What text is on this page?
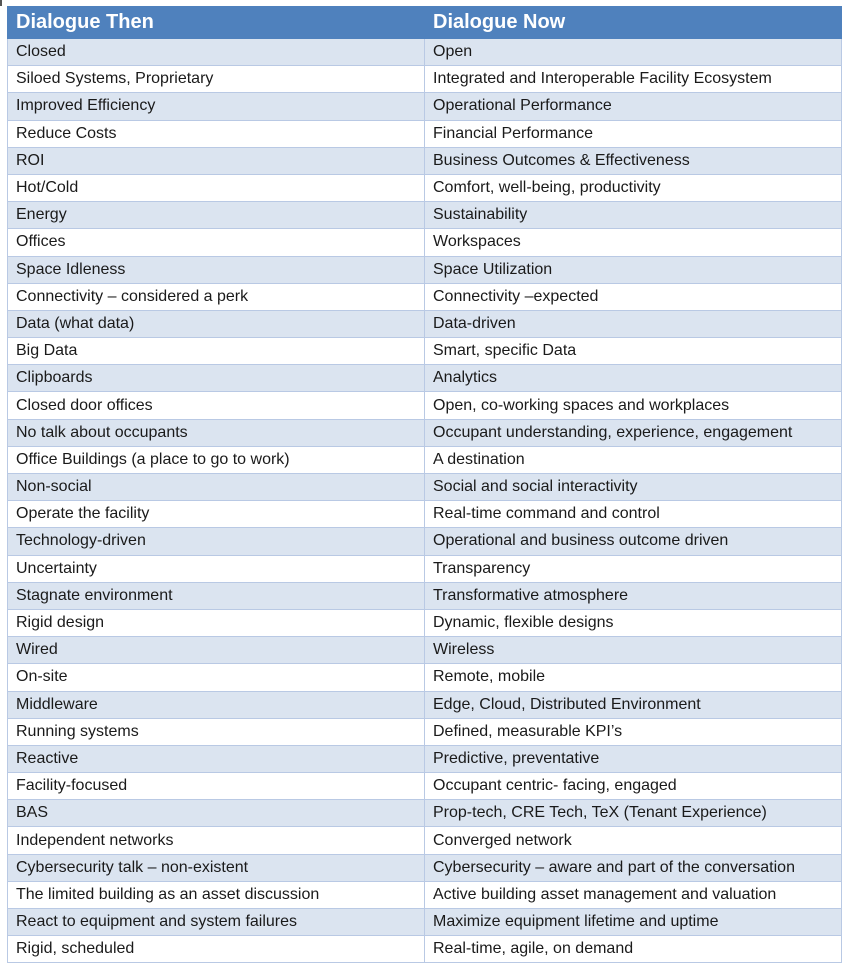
Dialogue Then	Dialogue Now
Closed	Open
Siloed Systems, Proprietary	Integrated and Interoperable Facility Ecosystem
Improved Efficiency	Operational Performance
Reduce Costs	Financial Performance
ROI	Business Outcomes & Effectiveness
Hot/Cold	Comfort, well-being, productivity
Energy	Sustainability
Offices	Workspaces
Space Idleness	Space Utilization
Connectivity – considered a perk	Connectivity –expected
Data (what data)	Data-driven
Big Data	Smart, specific Data
Clipboards	Analytics
Closed door offices	Open, co-working spaces and workplaces
No talk about occupants	Occupant understanding, experience, engagement
Office Buildings (a place to go to work)	A destination
Non-social	Social and social interactivity
Operate the facility	Real-time command and control
Technology-driven	Operational and business outcome driven
Uncertainty	Transparency
Stagnate environment	Transformative atmosphere
Rigid design	Dynamic, flexible designs
Wired	Wireless
On-site	Remote, mobile
Middleware	Edge, Cloud, Distributed Environment
Running systems	Defined, measurable KPI’s
Reactive	Predictive, preventative
Facility-focused	Occupant centric- facing, engaged
BAS	Prop-tech, CRE Tech, TeX (Tenant Experience)
Independent networks	Converged network
Cybersecurity talk – non-existent	Cybersecurity – aware and part of the conversation
The limited building as an asset discussion	Active building asset management and valuation
React to equipment and system failures	Maximize equipment lifetime and uptime
Rigid, scheduled	Real-time, agile, on demand
